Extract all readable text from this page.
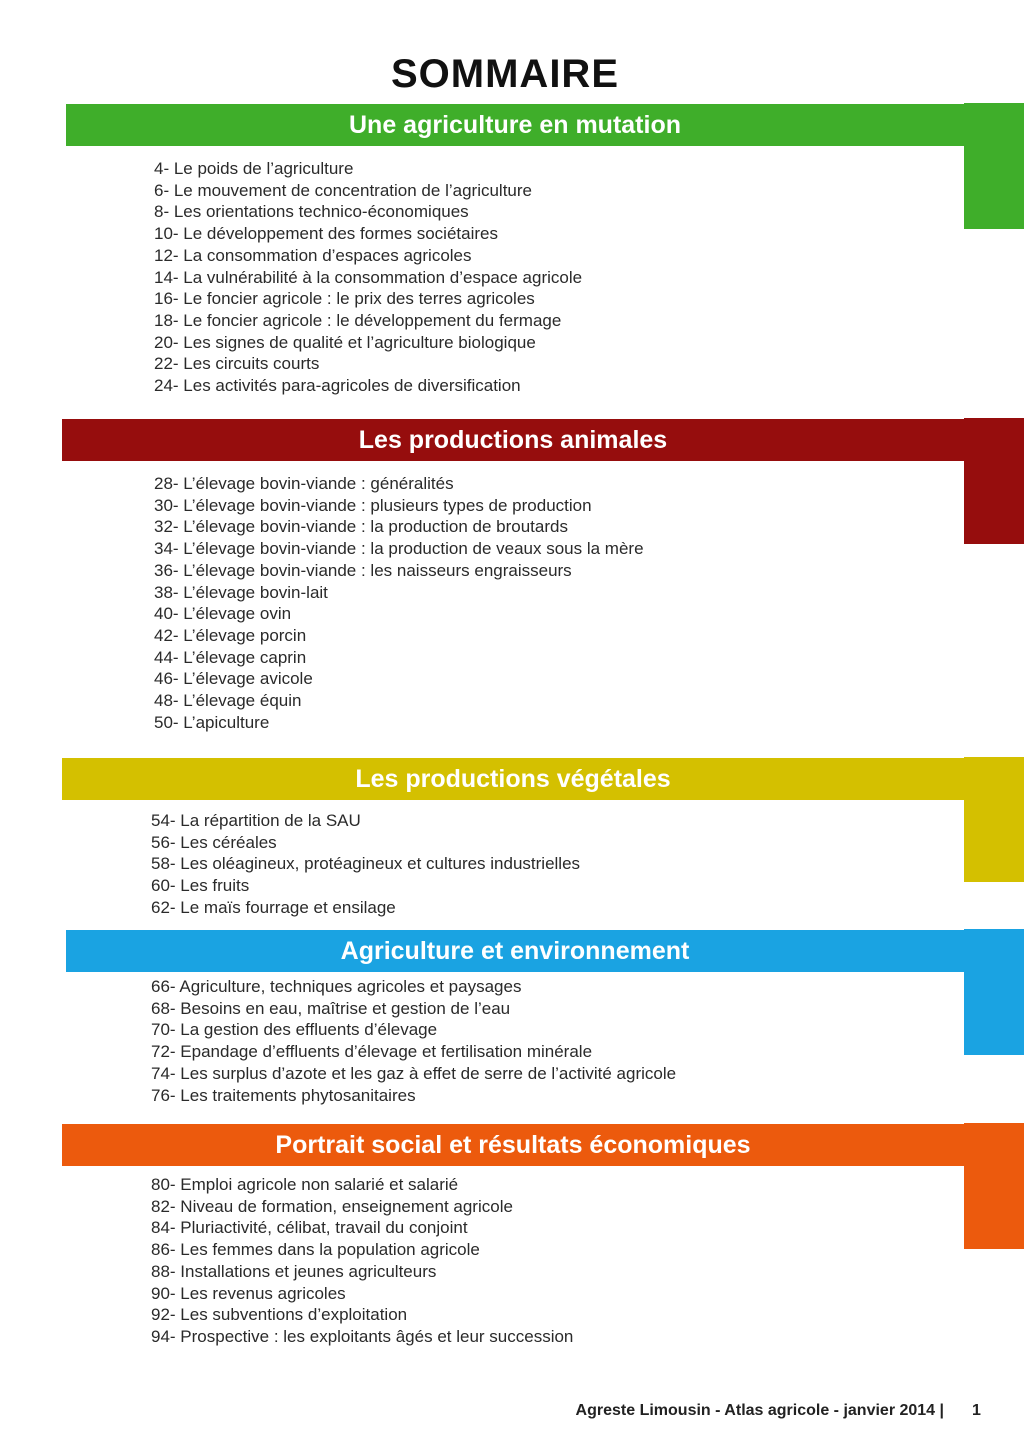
SOMMAIRE
Une agriculture en mutation
4- Le poids de l’agriculture
6- Le mouvement de concentration de l’agriculture
8- Les orientations technico-économiques
10- Le développement des formes sociétaires
12- La consommation d’espaces agricoles
14- La vulnérabilité à la consommation d’espace agricole
16- Le foncier agricole : le prix des terres agricoles
18- Le foncier agricole : le développement du fermage
20- Les signes de qualité et l’agriculture biologique
22- Les circuits courts
24- Les activités para-agricoles de diversification
Les productions animales
28- L’élevage bovin-viande : généralités
30- L’élevage bovin-viande : plusieurs types de production
32- L’élevage bovin-viande : la production de broutards
34- L’élevage bovin-viande : la production de veaux sous la mère
36- L’élevage bovin-viande : les naisseurs engraisseurs
38- L’élevage bovin-lait
40- L’élevage ovin
42- L’élevage porcin
44- L’élevage caprin
46- L’élevage avicole
48- L’élevage équin
50- L’apiculture
Les productions végétales
54- La répartition de la SAU
56- Les céréales
58- Les oléagineux, protéagineux et cultures industrielles
60- Les fruits
62- Le maïs fourrage et ensilage
Agriculture et environnement
66- Agriculture, techniques agricoles et paysages
68- Besoins en eau, maîtrise et gestion de l’eau
70- La gestion des effluents d’élevage
72- Epandage d’effluents d’élevage et fertilisation minérale
74- Les surplus d’azote et les gaz à effet de serre de l’activité agricole
76- Les traitements phytosanitaires
Portrait social et résultats économiques
80- Emploi agricole non salarié et salarié
82- Niveau de formation, enseignement agricole
84- Pluriactivité, célibat, travail du conjoint
86- Les femmes dans la population agricole
88- Installations et jeunes agriculteurs
90- Les revenus agricoles
92- Les subventions d’exploitation
94- Prospective : les exploitants âgés et leur succession
Agreste Limousin - Atlas agricole - janvier 2014 | 1
